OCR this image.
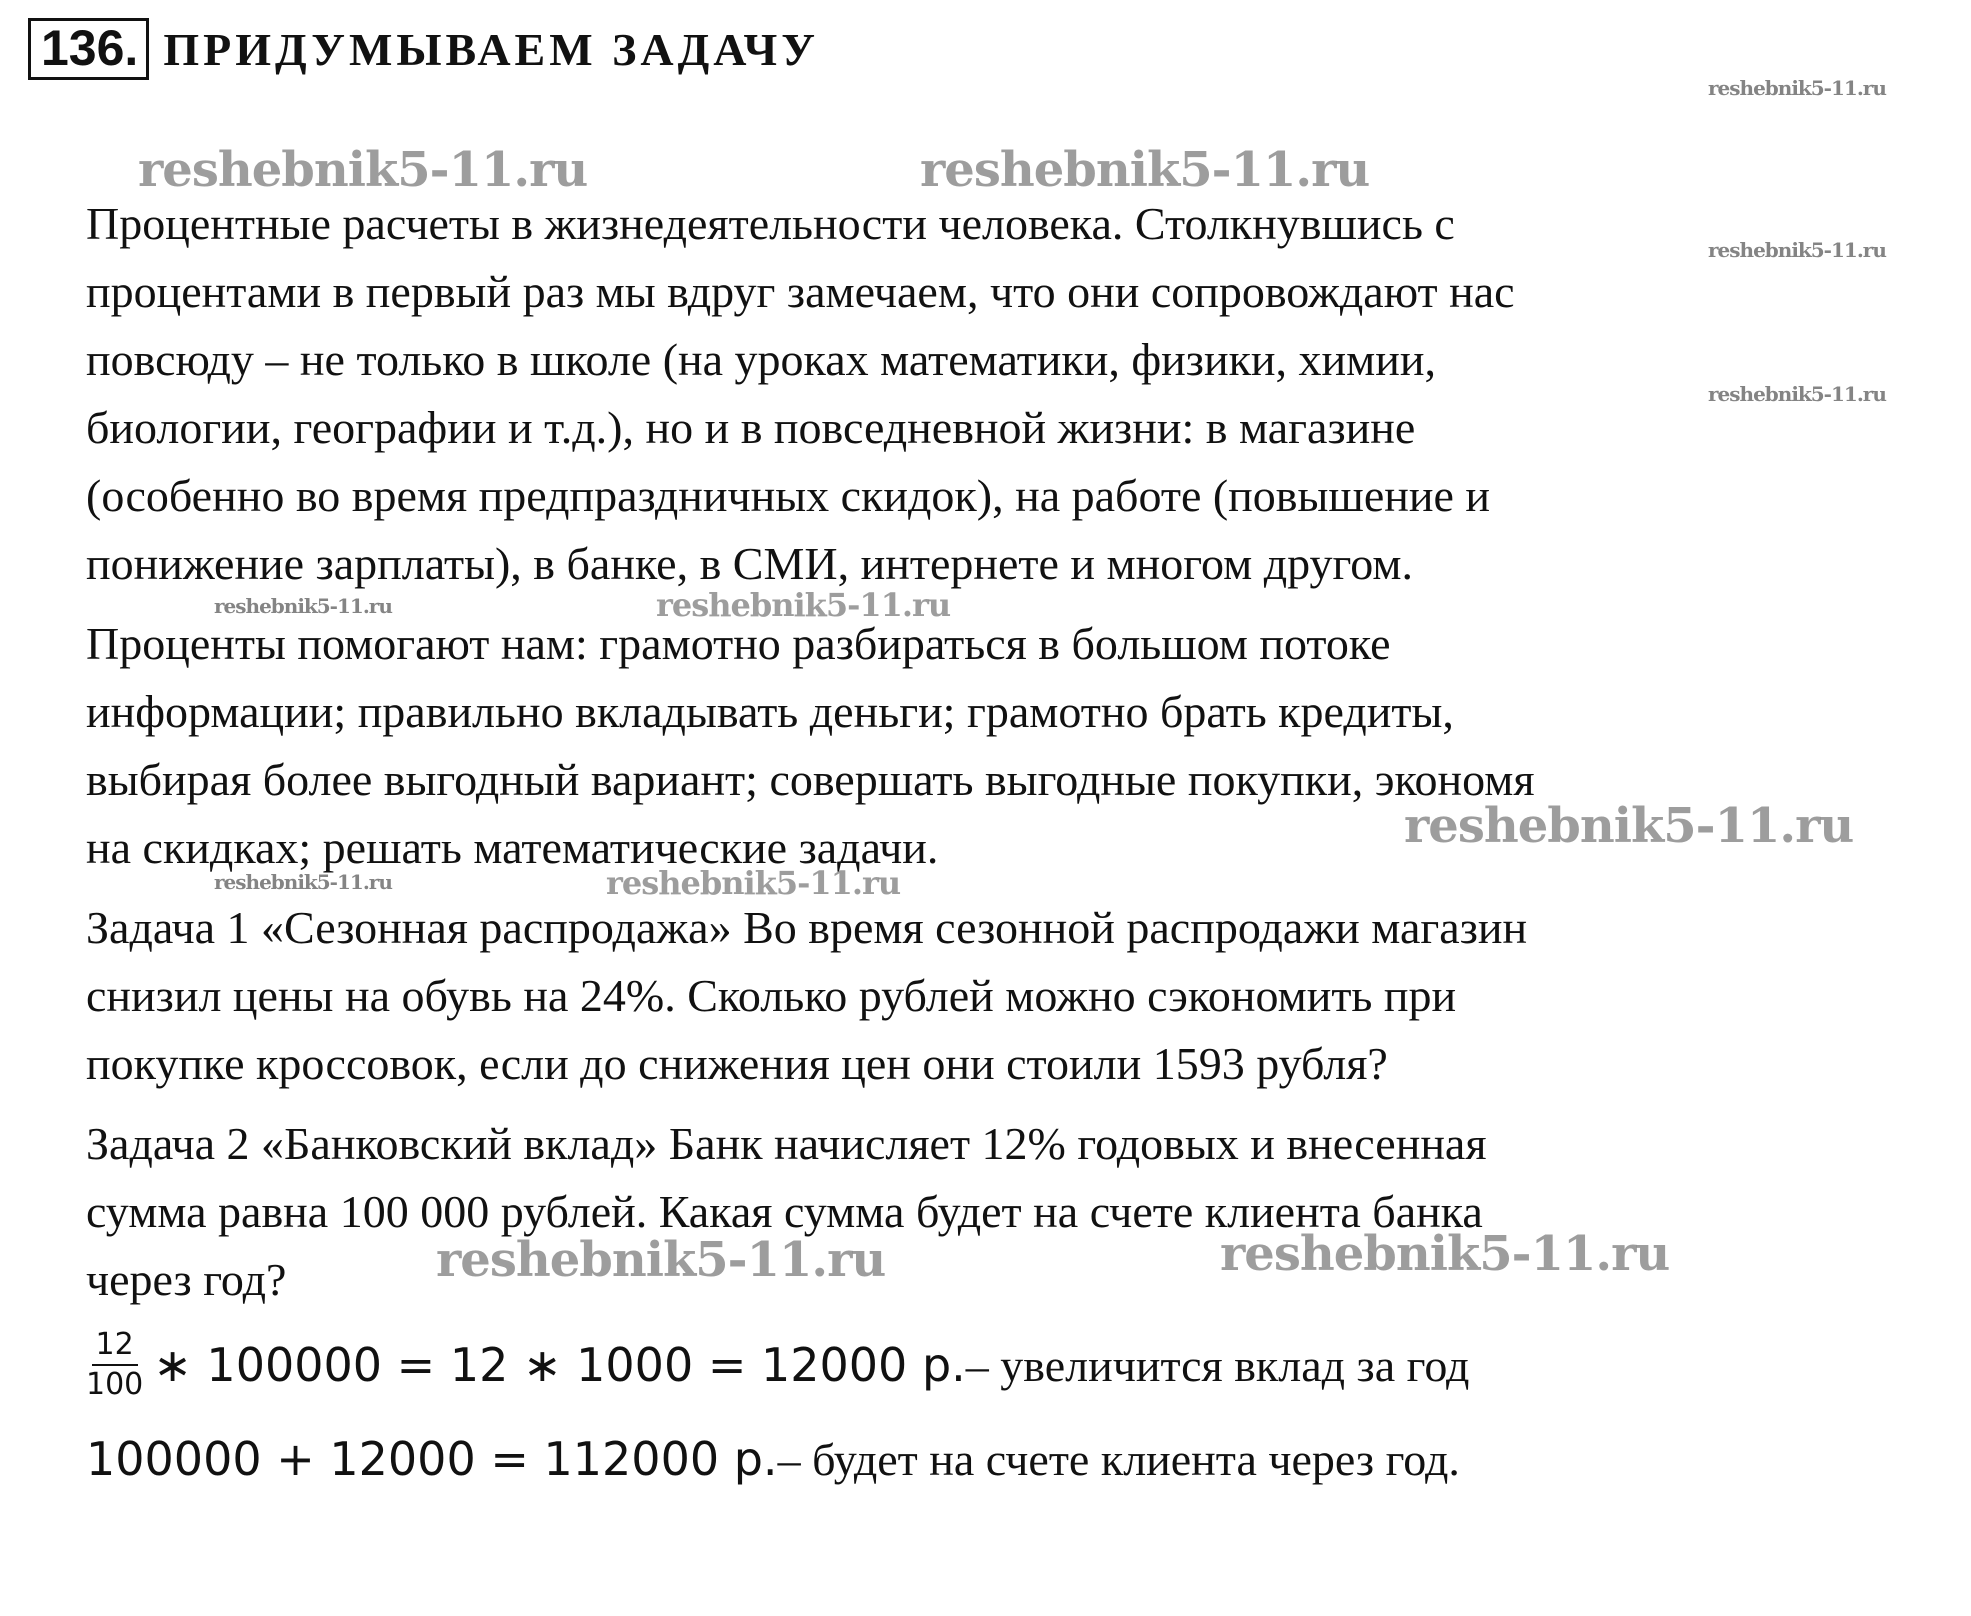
136. ПРИДУМЫВАЕМ ЗАДАЧУ
Процентные расчеты в жизнедеятельности человека. Столкнувшись с
процентами в первый раз мы вдруг замечаем, что они сопровождают нас
повсюду – не только в школе (на уроках математики, физики, химии,
биологии, географии и т.д.), но и в повседневной жизни: в магазине
(особенно во время предпраздничных скидок), на работе (повышение и
понижение зарплаты), в банке, в СМИ, интернете и многом другом.
Проценты помогают нам: грамотно разбираться в большом потоке
информации; правильно вкладывать деньги; грамотно брать кредиты,
выбирая более выгодный вариант; совершать выгодные покупки, экономя
на скидках; решать математические задачи.
Задача 1 «Сезонная распродажа» Во время сезонной распродажи магазин
снизил цены на обувь на 24%. Сколько рублей можно сэкономить при
покупке кроссовок, если до снижения цен они стоили 1593 рубля?
Задача 2 «Банковский вклад» Банк начисляет 12% годовых и внесенная
сумма равна 100 000 рублей. Какая сумма будет на счете клиента банка
через год?
$\frac{12}{100}$ ∗ 100000 = 12 ∗ 1000 = 12000 р. – увеличится вклад за год
100000 + 12000 = 112000 р. – будет на счете клиента через год.
reshebnik5-11.ru
reshebnik5-11.ru	reshebnik5-11.ru
reshebnik5-11.ru
reshebnik5-11.ru
reshebnik5-11.ru	reshebnik5-11.ru
reshebnik5-11.ru
reshebnik5-11.ru	reshebnik5-11.ru
reshebnik5-11.ru	reshebnik5-11.ru
